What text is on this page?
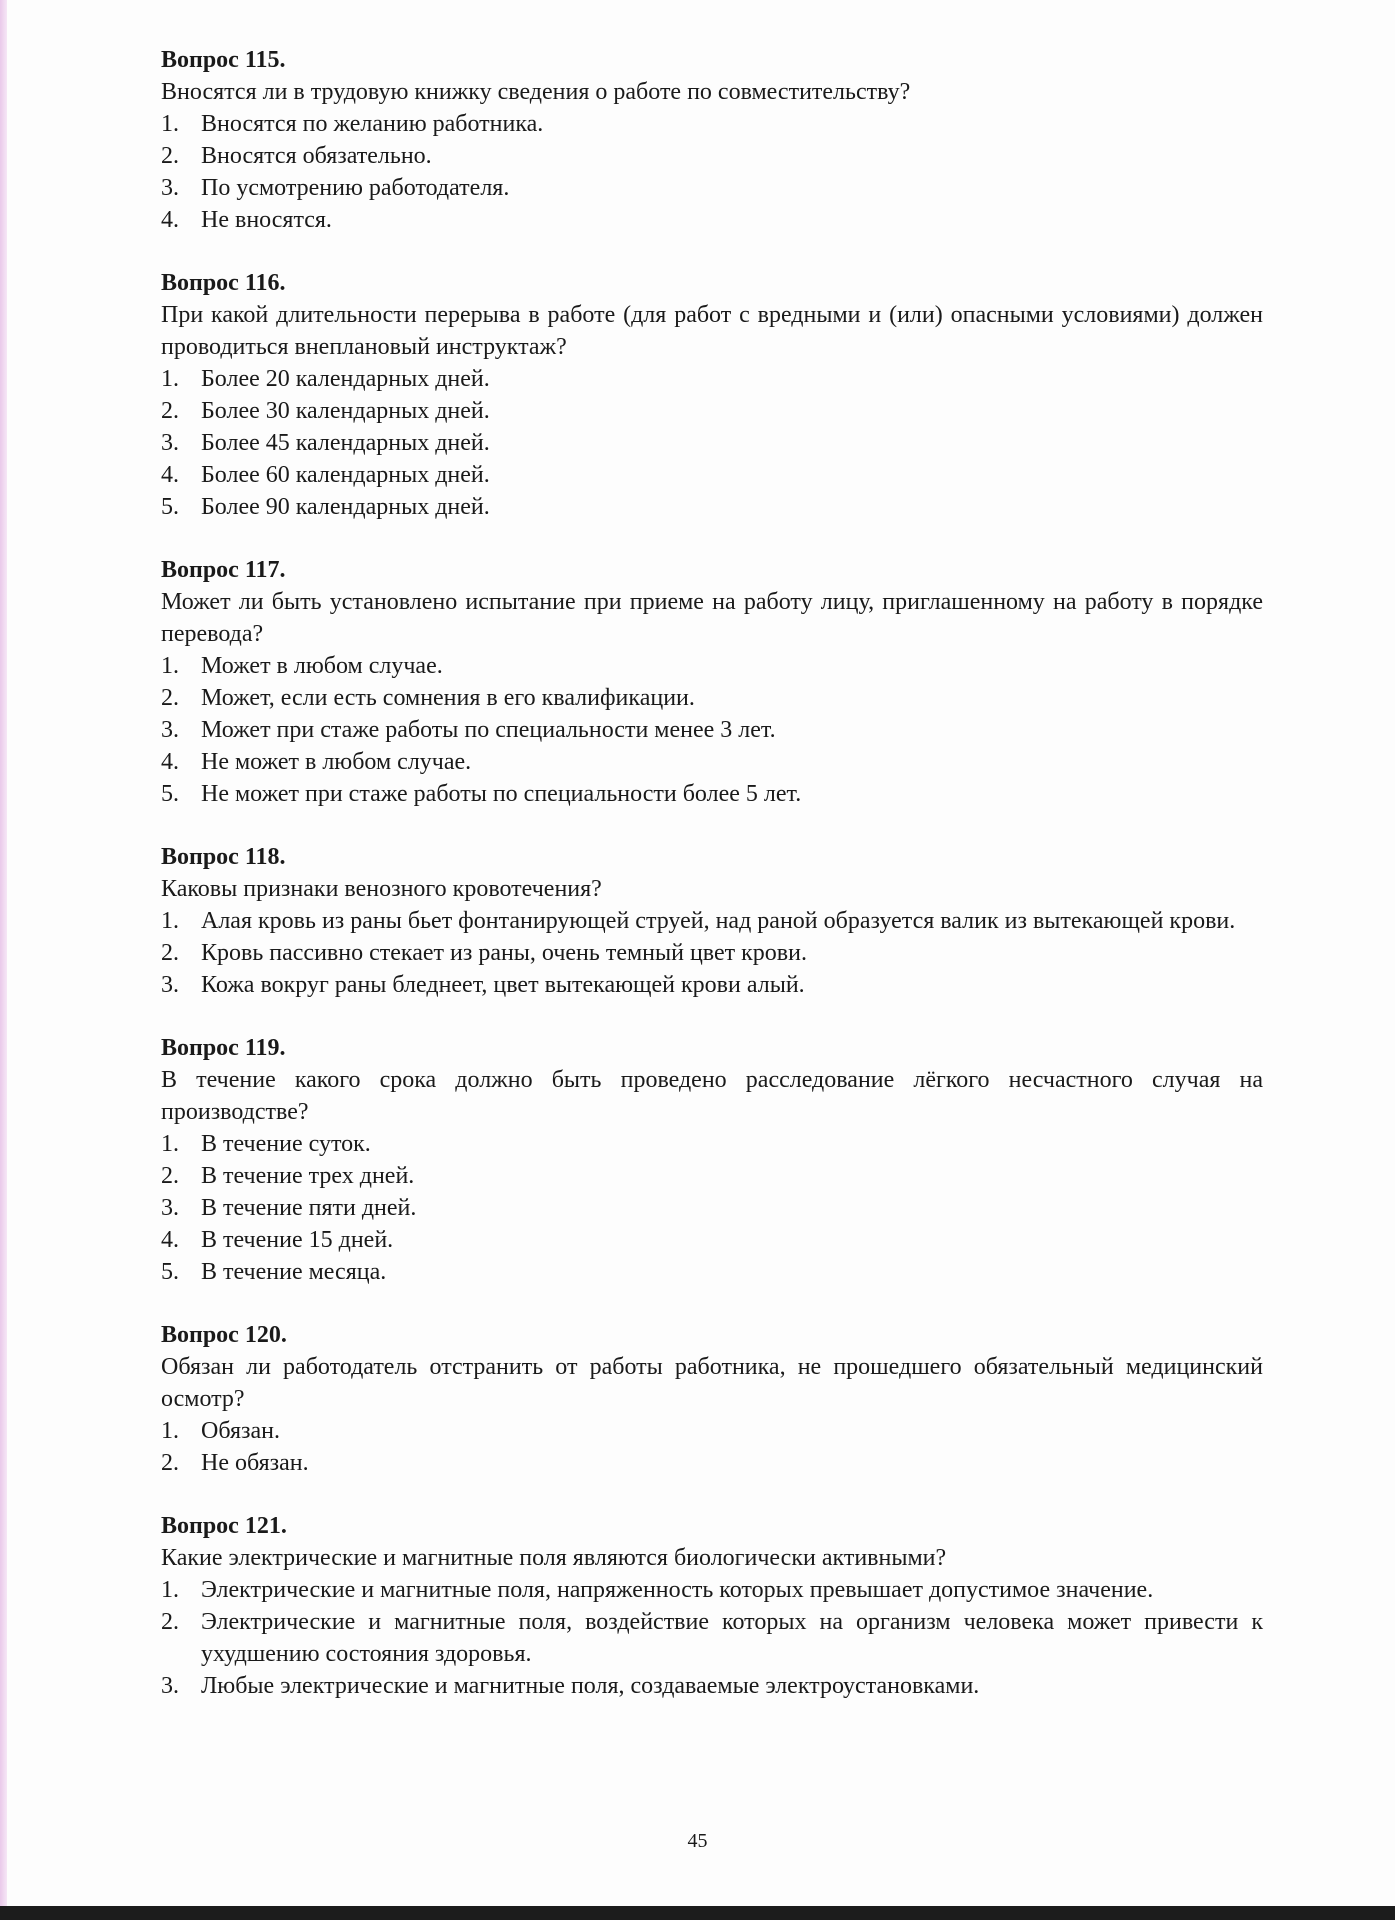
Вопрос 115.

Вносятся ли в трудовую книжку сведения о работе по совместительству?

1. Вносятся по желанию работника.
2. Вносятся обязательно.
3. По усмотрению работодателя.
4. Не вносятся.

Вопрос 116.

При какой длительности перерыва в работе (для работ с вредными и (или) опасными условиями) должен проводиться внеплановый инструктаж?

1. Более 20 календарных дней.
2. Более 30 календарных дней.
3. Более 45 календарных дней.
4. Более 60 календарных дней.
5. Более 90 календарных дней.

Вопрос 117.

Может ли быть установлено испытание при приеме на работу лицу, приглашенному на работу в порядке перевода?

1. Может в любом случае.
2. Может, если есть сомнения в его квалификации.
3. Может при стаже работы по специальности менее 3 лет.
4. Не может в любом случае.
5. Не может при стаже работы по специальности более 5 лет.

Вопрос 118.

Каковы признаки венозного кровотечения?

1. Алая кровь из раны бьет фонтанирующей струей, над раной образуется валик из вытекающей крови.
2. Кровь пассивно стекает из раны, очень темный цвет крови.
3. Кожа вокруг раны бледнеет, цвет вытекающей крови алый.

Вопрос 119.

В течение какого срока должно быть проведено расследование лёгкого несчастного случая на производстве?

1. В течение суток.
2. В течение трех дней.
3. В течение пяти дней.
4. В течение 15 дней.
5. В течение месяца.

Вопрос 120.

Обязан ли работодатель отстранить от работы работника, не прошедшего обязательный медицинский осмотр?

1. Обязан.
2. Не обязан.

Вопрос 121.

Какие электрические и магнитные поля являются биологически активными?

1. Электрические и магнитные поля, напряженность которых превышает допустимое значение.
2. Электрические и магнитные поля, воздействие которых на организм человека может привести к ухудшению состояния здоровья.
3. Любые электрические и магнитные поля, создаваемые электроустановками.
45
